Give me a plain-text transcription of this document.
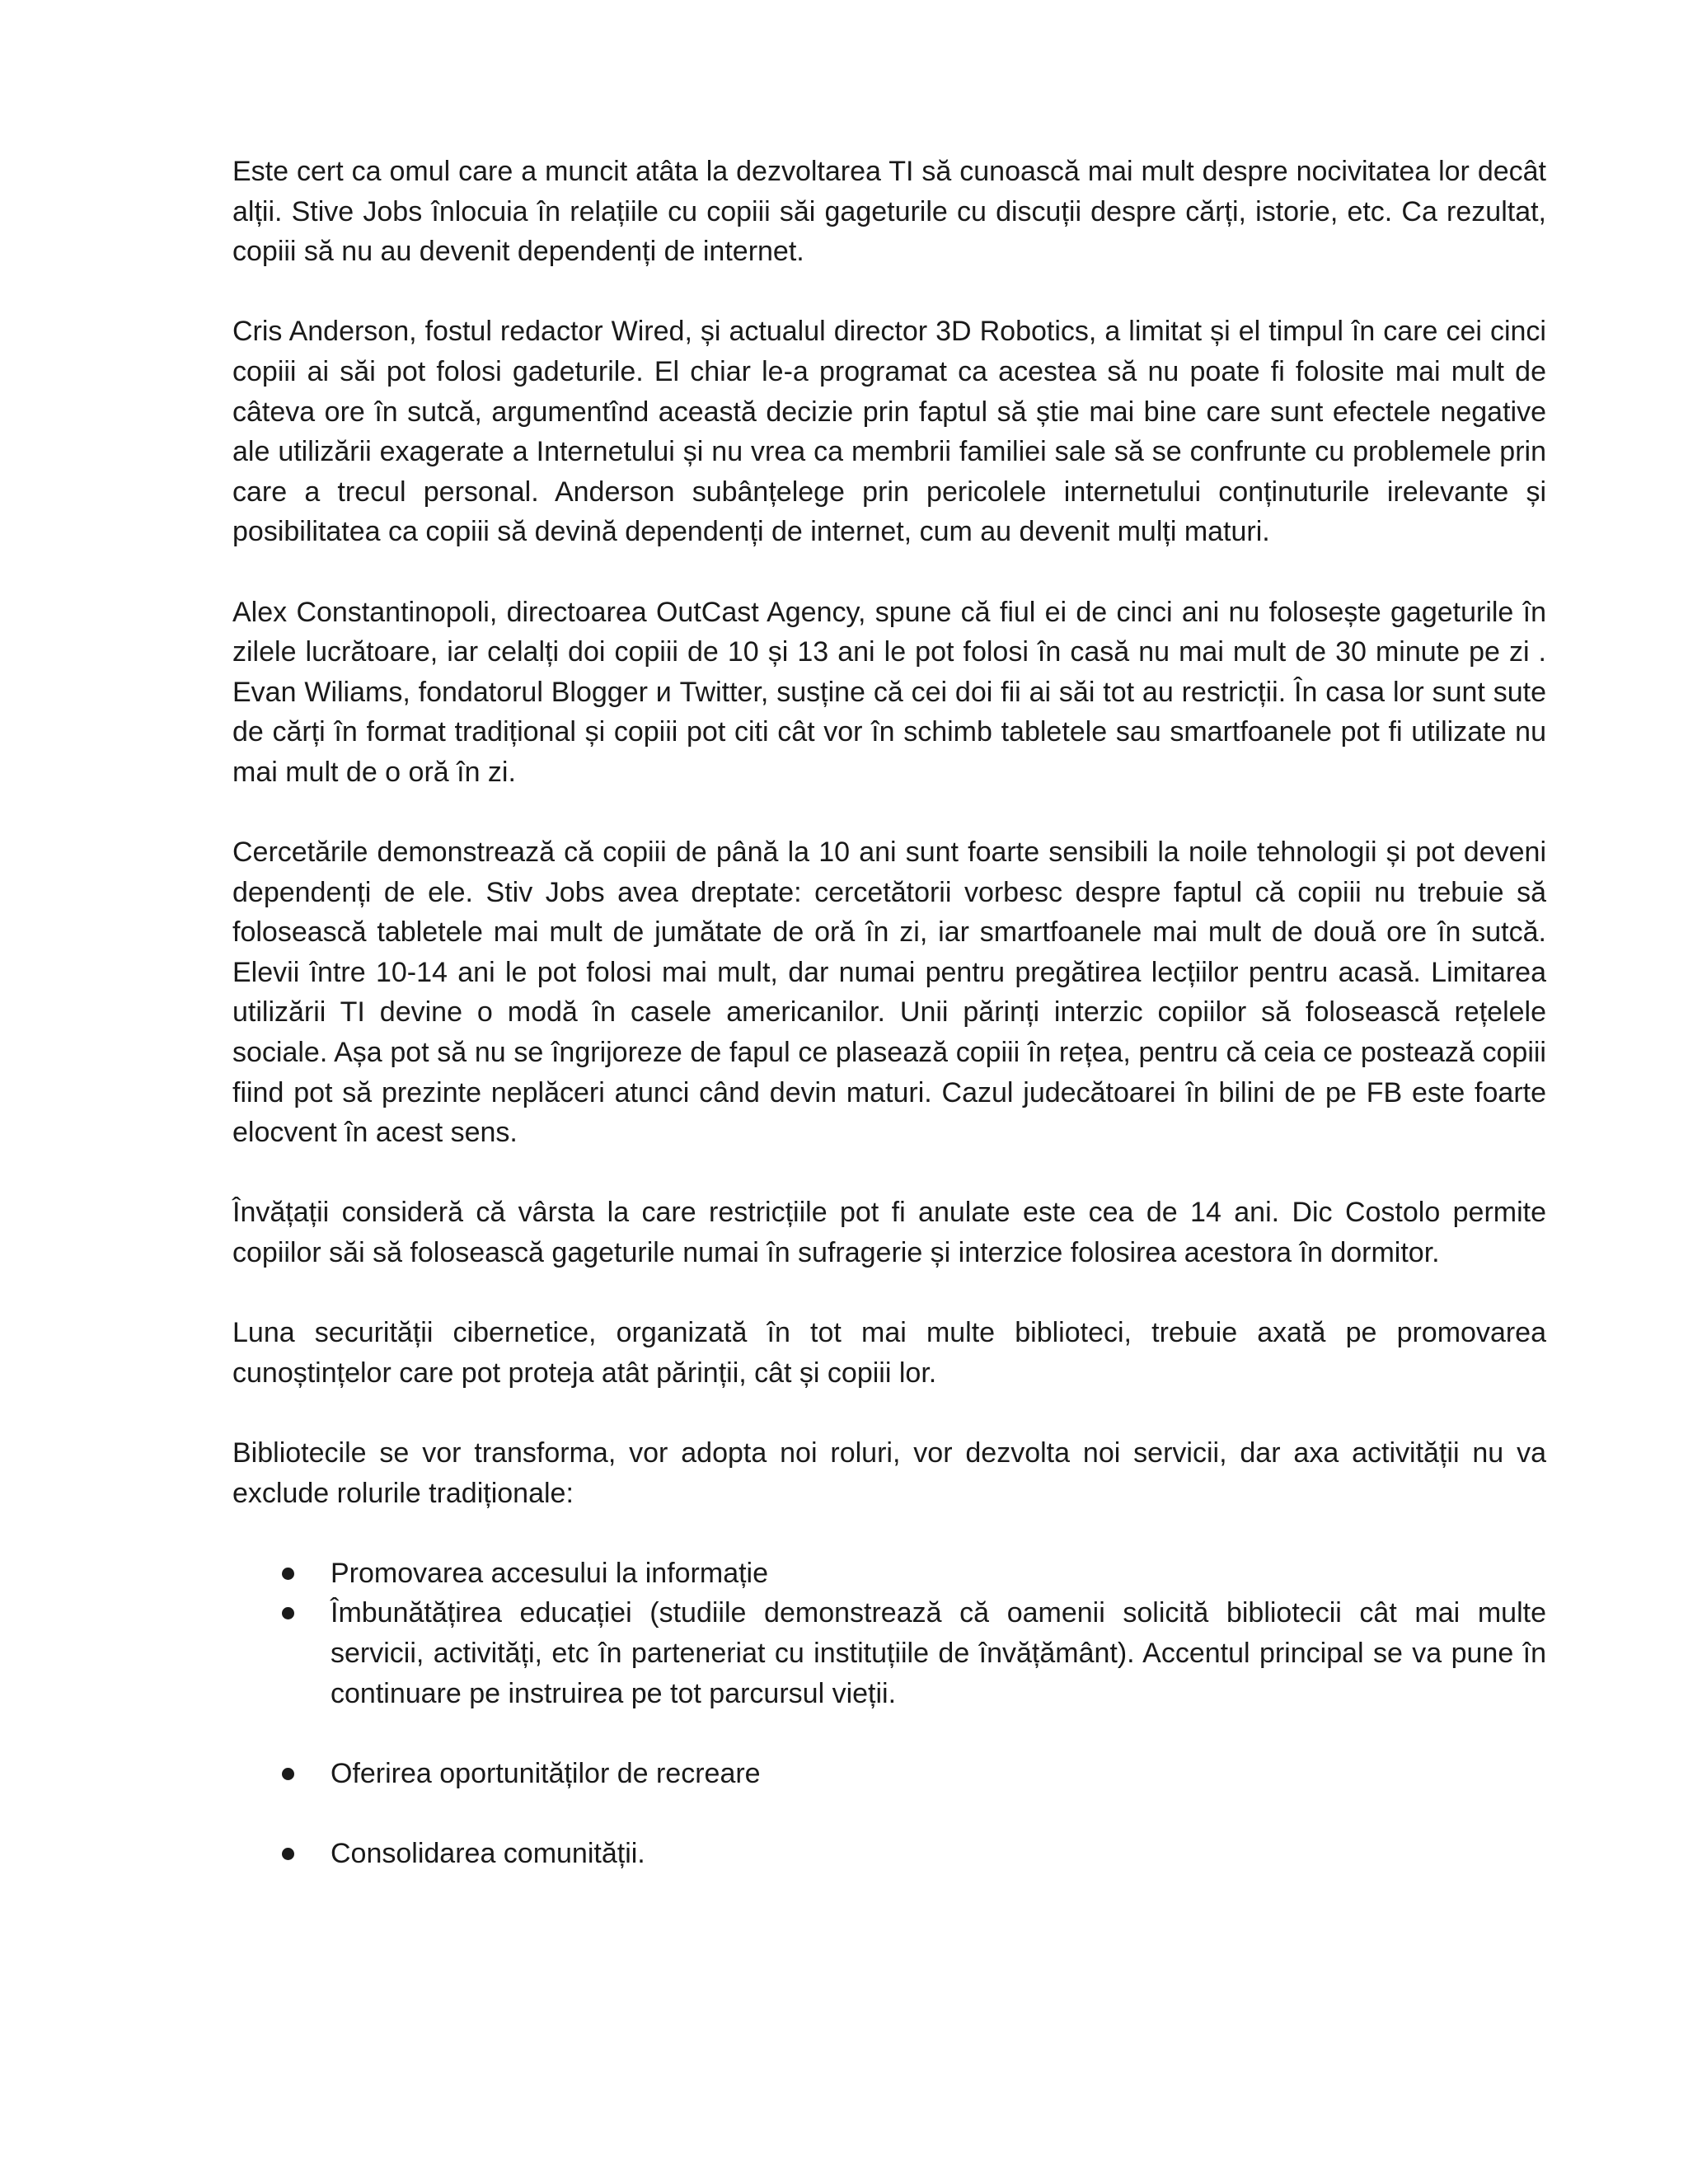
Este cert ca omul care a muncit atâta la dezvoltarea TI să cunoască mai mult despre nocivitatea lor decât alții. Stive Jobs înlocuia în relațiile cu copiii săi gageturile cu discuții despre cărți, istorie, etc. Ca rezultat, copiii să nu au devenit dependenți de internet.

Cris Anderson, fostul redactor Wired, și actualul director 3D Robotics, a limitat și el timpul în care cei cinci copiii ai săi pot folosi gadeturile. El chiar le-a programat ca acestea să nu poate fi folosite mai mult de câteva ore în sutcă, argumentînd această decizie prin faptul să știe mai bine care sunt efectele negative ale utilizării exagerate a Internetului și nu vrea ca membrii familiei sale să se confrunte cu problemele prin care a trecul personal. Anderson subânțelege prin pericolele internetului conținuturile irelevante și posibilitatea ca copiii să devină dependenți de internet, cum au devenit mulți maturi.

Alex Constantinopoli, directoarea OutCast Agency, spune că fiul ei de cinci ani nu folosește gageturile în zilele lucrătoare, iar celalți doi copiii de 10 și 13 ani le pot folosi în casă nu mai mult de 30 minute pe zi . Evan Wiliams, fondatorul Blogger и Twitter, susține că cei doi fii ai săi tot au restricții. În casa lor sunt sute de cărți în format tradițional și copiii pot citi cât vor în schimb tabletele sau smartfoanele pot fi utilizate nu mai mult de o oră în zi.

Cercetările demonstrează că copiii de până la 10 ani sunt foarte sensibili la noile tehnologii și pot deveni dependenți de ele. Stiv Jobs avea dreptate: cercetătorii vorbesc despre faptul că copiii nu trebuie să folosească tabletele mai mult de jumătate de oră în zi, iar smartfoanele mai mult de două ore în sutcă. Elevii între 10-14 ani le pot folosi mai mult, dar numai pentru pregătirea lecțiilor pentru acasă. Limitarea utilizării TI devine o modă în casele americanilor. Unii părinți interzic copiilor să folosească rețelele sociale. Așa pot să nu se îngrijoreze de fapul ce plasează copiii în rețea, pentru că ceia ce postează copiii fiind pot să prezinte neplăceri atunci când devin maturi. Cazul judecătoarei în bilini de pe FB este foarte elocvent în acest sens.

Învățații consideră că vârsta la care restricțiile pot fi anulate este cea de 14 ani. Dic Costolo permite copiilor săi să folosească gageturile numai în sufragerie și interzice folosirea acestora în dormitor.

Luna securității cibernetice, organizată în tot mai multe biblioteci, trebuie axată pe promovarea cunoștințelor care pot proteja atât părinții, cât și copiii lor.

Bibliotecile se vor transforma, vor adopta noi roluri, vor dezvolta noi servicii, dar axa activității nu va exclude rolurile tradiționale:

Promovarea accesului la informație
Îmbunătățirea educației (studiile demonstrează că oamenii solicită bibliotecii cât mai multe servicii, activități, etc în parteneriat cu instituțiile de învățământ). Accentul principal se va pune în continuare pe instruirea pe tot parcursul vieții.
Oferirea oportunităților de recreare
Consolidarea comunității.
